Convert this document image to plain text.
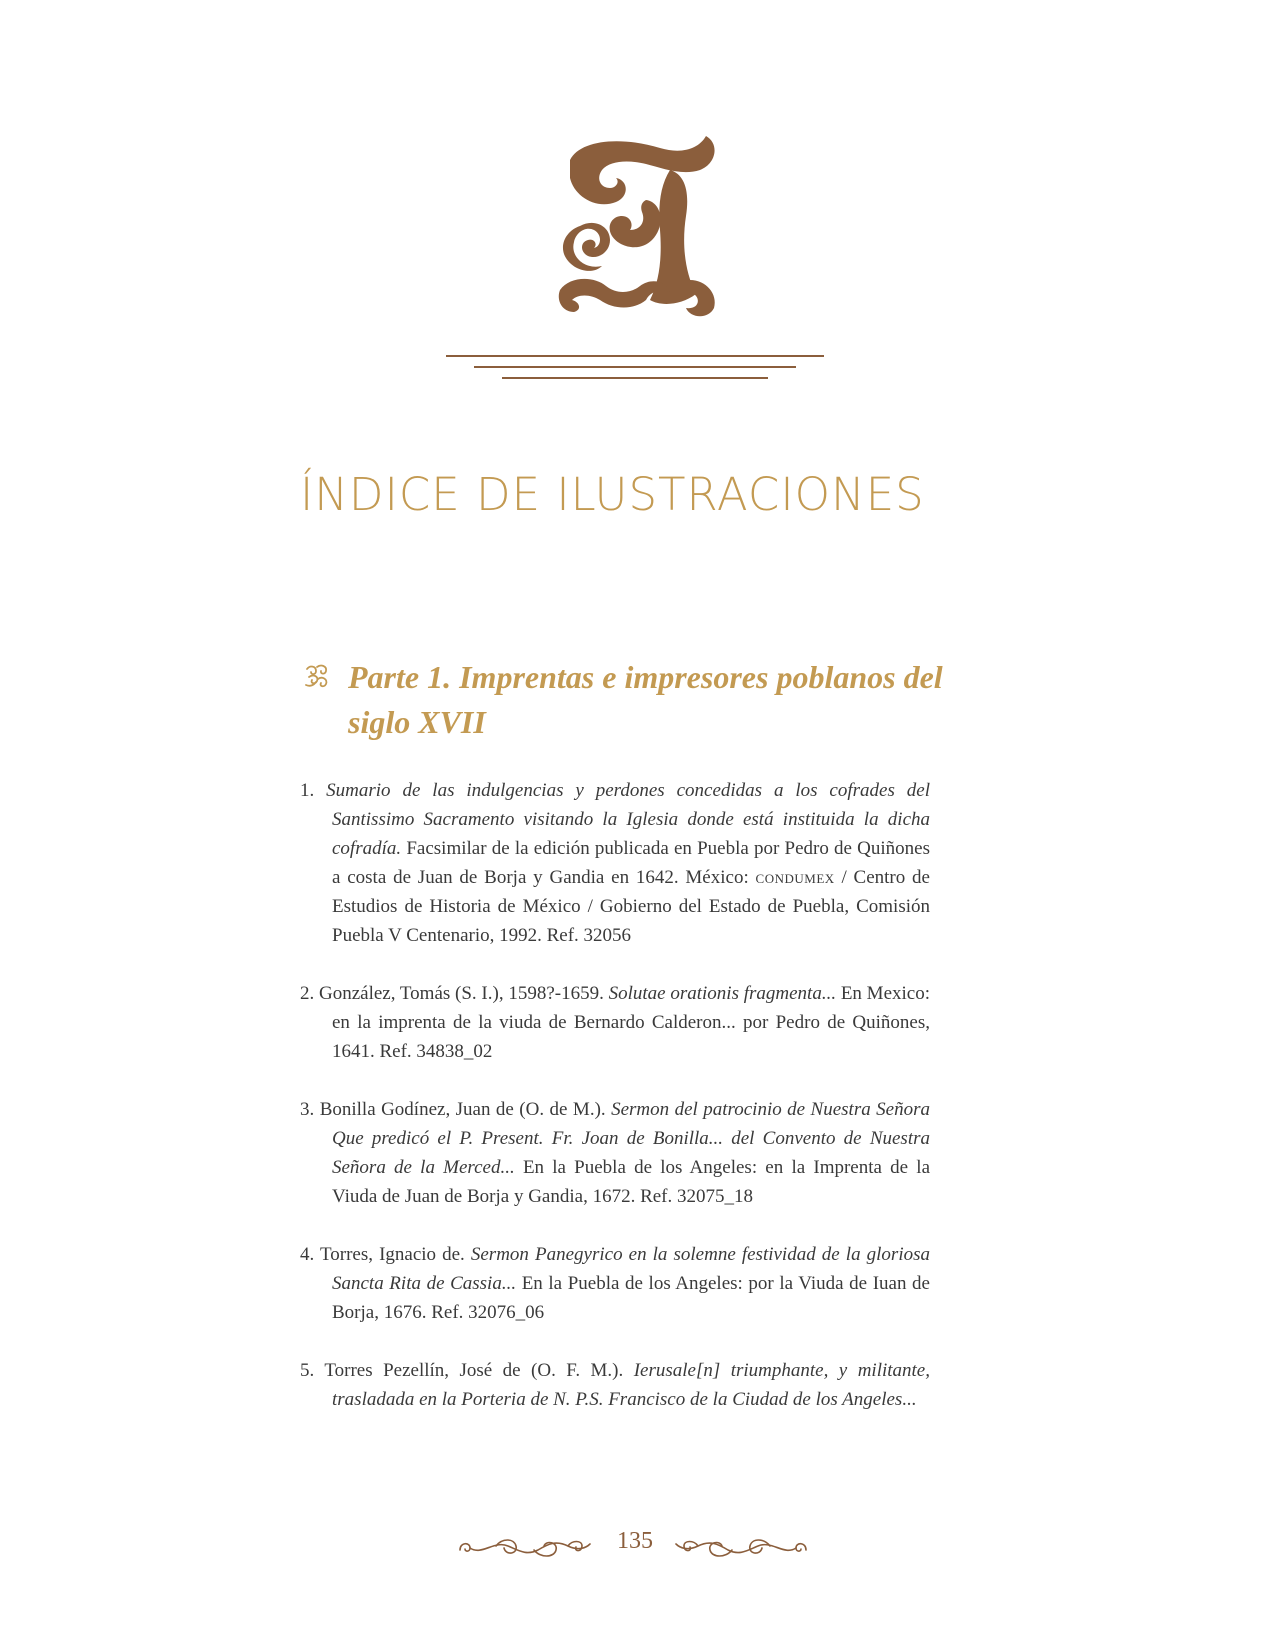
ÍNDICE DE ILUSTRACIONES
Parte 1. Imprentas e impresores poblanos del siglo XVII
1. Sumario de las indulgencias y perdones concedidas a los cofrades del Santissimo Sacramento visitando la Iglesia donde está instituida la dicha cofradía. Facsimilar de la edición publicada en Puebla por Pedro de Quiñones a costa de Juan de Borja y Gandia en 1642. México: condumex / Centro de Estudios de Historia de México / Gobierno del Estado de Puebla, Comisión Puebla V Centenario, 1992. Ref. 32056
2. González, Tomás (S. I.), 1598?-1659. Solutae orationis fragmenta... En Mexico: en la imprenta de la viuda de Bernardo Calderon... por Pedro de Quiñones, 1641. Ref. 34838_02
3. Bonilla Godínez, Juan de (O. de M.). Sermon del patrocinio de Nuestra Señora Que predicó el P. Present. Fr. Joan de Bonilla... del Convento de Nuestra Señora de la Merced... En la Puebla de los Angeles: en la Imprenta de la Viuda de Juan de Borja y Gandia, 1672. Ref. 32075_18
4. Torres, Ignacio de. Sermon Panegyrico en la solemne festividad de la gloriosa Sancta Rita de Cassia... En la Puebla de los Angeles: por la Viuda de Iuan de Borja, 1676. Ref. 32076_06
5. Torres Pezellín, José de (O. F. M.). Ierusale[n] triumphante, y militante, trasladada en la Porteria de N. P.S. Francisco de la Ciudad de los Angeles...
135
